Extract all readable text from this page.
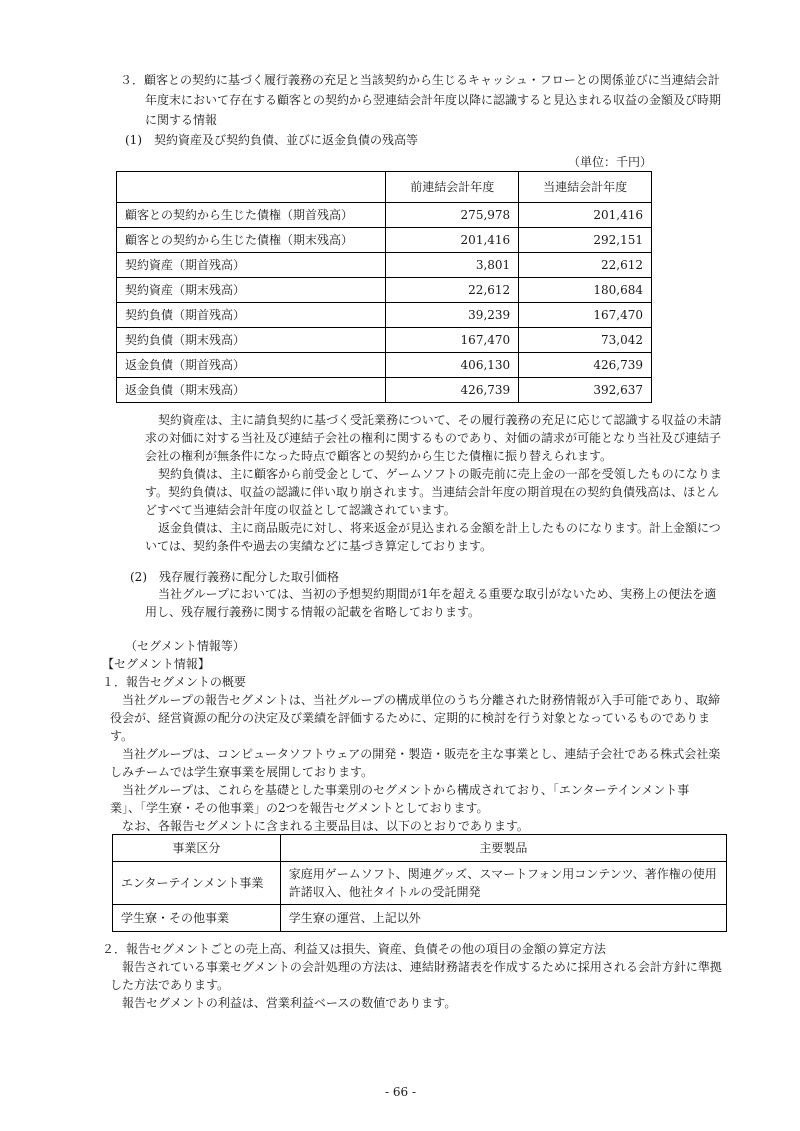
３．顧客との契約に基づく履行義務の充足と当該契約から生じるキャッシュ・フローとの関係並びに当連結会計

年度末において存在する顧客との契約から翌連結会計年度以降に認識すると見込まれる収益の金額及び時期

に関する情報

(1)　契約資産及び契約負債、並びに返金負債の残高等

（単位：千円）

	前連結会計年度	当連結会計年度
顧客との契約から生じた債権（期首残高）	275,978	201,416
顧客との契約から生じた債権（期末残高）	201,416	292,151
契約資産（期首残高）	3,801	22,612
契約資産（期末残高）	22,612	180,684
契約負債（期首残高）	39,239	167,470
契約負債（期末残高）	167,470	73,042
返金負債（期首残高）	406,130	426,739
返金負債（期末残高）	426,739	392,637

契約資産は、主に請負契約に基づく受託業務について、その履行義務の充足に応じて認識する収益の未請

求の対価に対する当社及び連結子会社の権利に関するものであり、対価の請求が可能となり当社及び連結子

会社の権利が無条件になった時点で顧客との契約から生じた債権に振り替えられます。

契約負債は、主に顧客から前受金として、ゲームソフトの販売前に売上金の一部を受領したものになりま

す。契約負債は、収益の認識に伴い取り崩されます。当連結会計年度の期首現在の契約負債残高は、ほとん

どすべて当連結会計年度の収益として認識されています。

返金負債は、主に商品販売に対し、将来返金が見込まれる金額を計上したものになります。計上金額につ

いては、契約条件や過去の実績などに基づき算定しております。

(2)　残存履行義務に配分した取引価格

当社グループにおいては、当初の予想契約期間が1年を超える重要な取引がないため、実務上の便法を適

用し、残存履行義務に関する情報の記載を省略しております。

（セグメント情報等）

【セグメント情報】

１．報告セグメントの概要

当社グループの報告セグメントは、当社グループの構成単位のうち分離された財務情報が入手可能であり、取締

役会が、経営資源の配分の決定及び業績を評価するために、定期的に検討を行う対象となっているものでありま

す。

当社グループは、コンピュータソフトウェアの開発・製造・販売を主な事業とし、連結子会社である株式会社楽

しみチームでは学生寮事業を展開しております。

当社グループは、これらを基礎とした事業別のセグメントから構成されており、「エンターテインメント事

業」、「学生寮・その他事業」の2つを報告セグメントとしております。

なお、各報告セグメントに含まれる主要品目は、以下のとおりであります。

事業区分	主要製品
エンターテインメント事業	家庭用ゲームソフト、関連グッズ、スマートフォン用コンテンツ、著作権の使用許諾収入、他社タイトルの受託開発
学生寮・その他事業	学生寮の運営、上記以外

２．報告セグメントごとの売上高、利益又は損失、資産、負債その他の項目の金額の算定方法

報告されている事業セグメントの会計処理の方法は、連結財務諸表を作成するために採用される会計方針に準拠

した方法であります。

報告セグメントの利益は、営業利益ベースの数値であります。

- 66 -
